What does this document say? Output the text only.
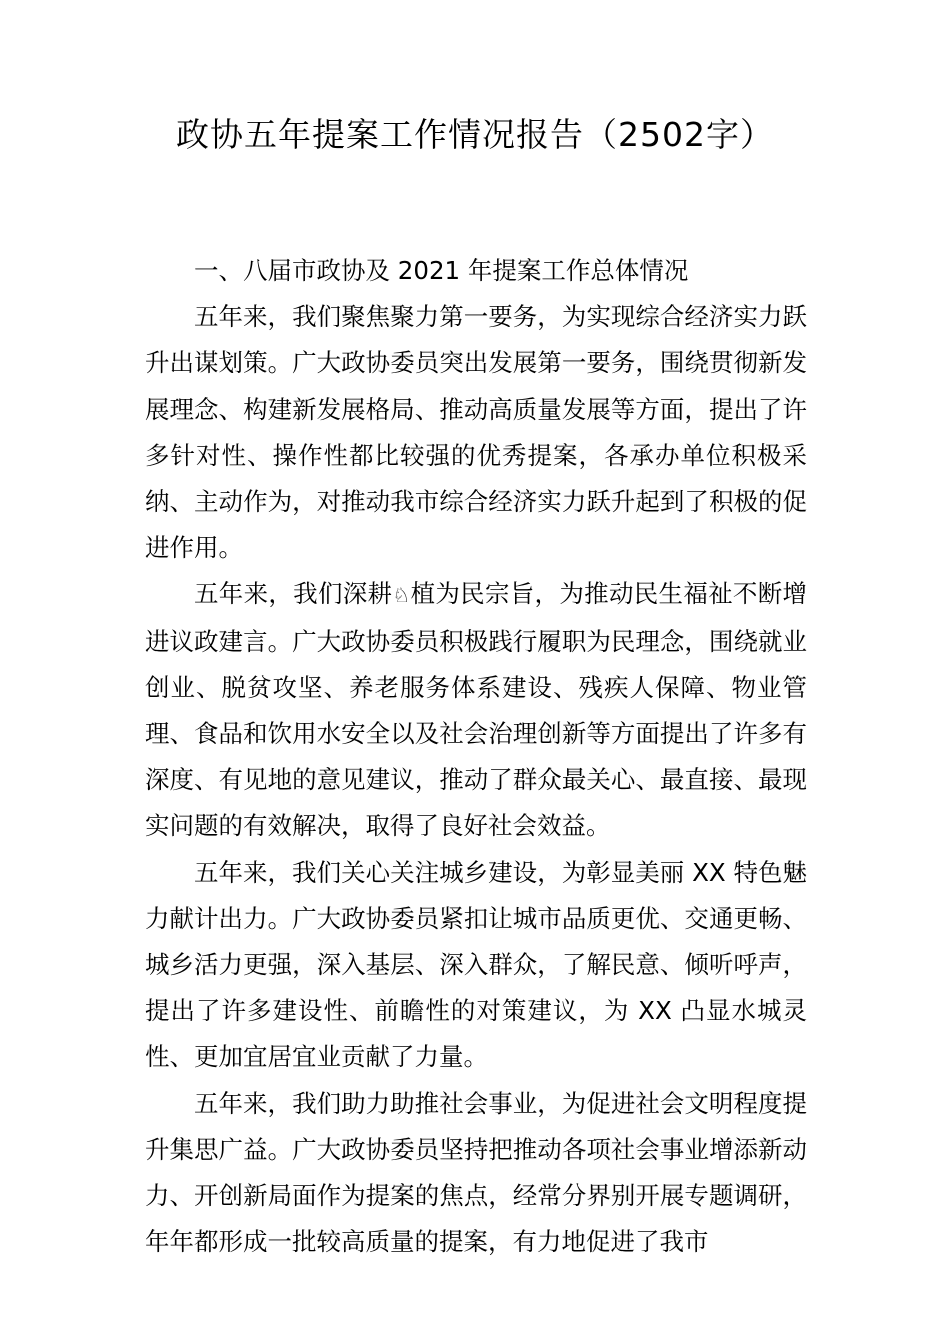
政协五年提案工作情况报告（2502字）

一、八届市政协及 2021 年提案工作总体情况

五年来，我们聚焦聚力第一要务，为实现综合经济实力跃升出谋划策。广大政协委员突出发展第一要务，围绕贯彻新发展理念、构建新发展格局、推动高质量发展等方面，提出了许多针对性、操作性都比较强的优秀提案，各承办单位积极采纳、主动作为，对推动我市综合经济实力跃升起到了积极的促进作用。

五年来，我们深耕♘植为民宗旨，为推动民生福祉不断增进议政建言。广大政协委员积极践行履职为民理念，围绕就业创业、脱贫攻坚、养老服务体系建设、残疾人保障、物业管理、食品和饮用水安全以及社会治理创新等方面提出了许多有深度、有见地的意见建议，推动了群众最关心、最直接、最现实问题的有效解决，取得了良好社会效益。

五年来，我们关心关注城乡建设，为彰显美丽 XX 特色魅力献计出力。广大政协委员紧扣让城市品质更优、交通更畅、城乡活力更强，深入基层、深入群众，了解民意、倾听呼声，提出了许多建设性、前瞻性的对策建议，为 XX 凸显水城灵性、更加宜居宜业贡献了力量。

五年来，我们助力助推社会事业，为促进社会文明程度提升集思广益。广大政协委员坚持把推动各项社会事业增添新动力、开创新局面作为提案的焦点，经常分界别开展专题调研，年年都形成一批较高质量的提案，有力地促进了我市
